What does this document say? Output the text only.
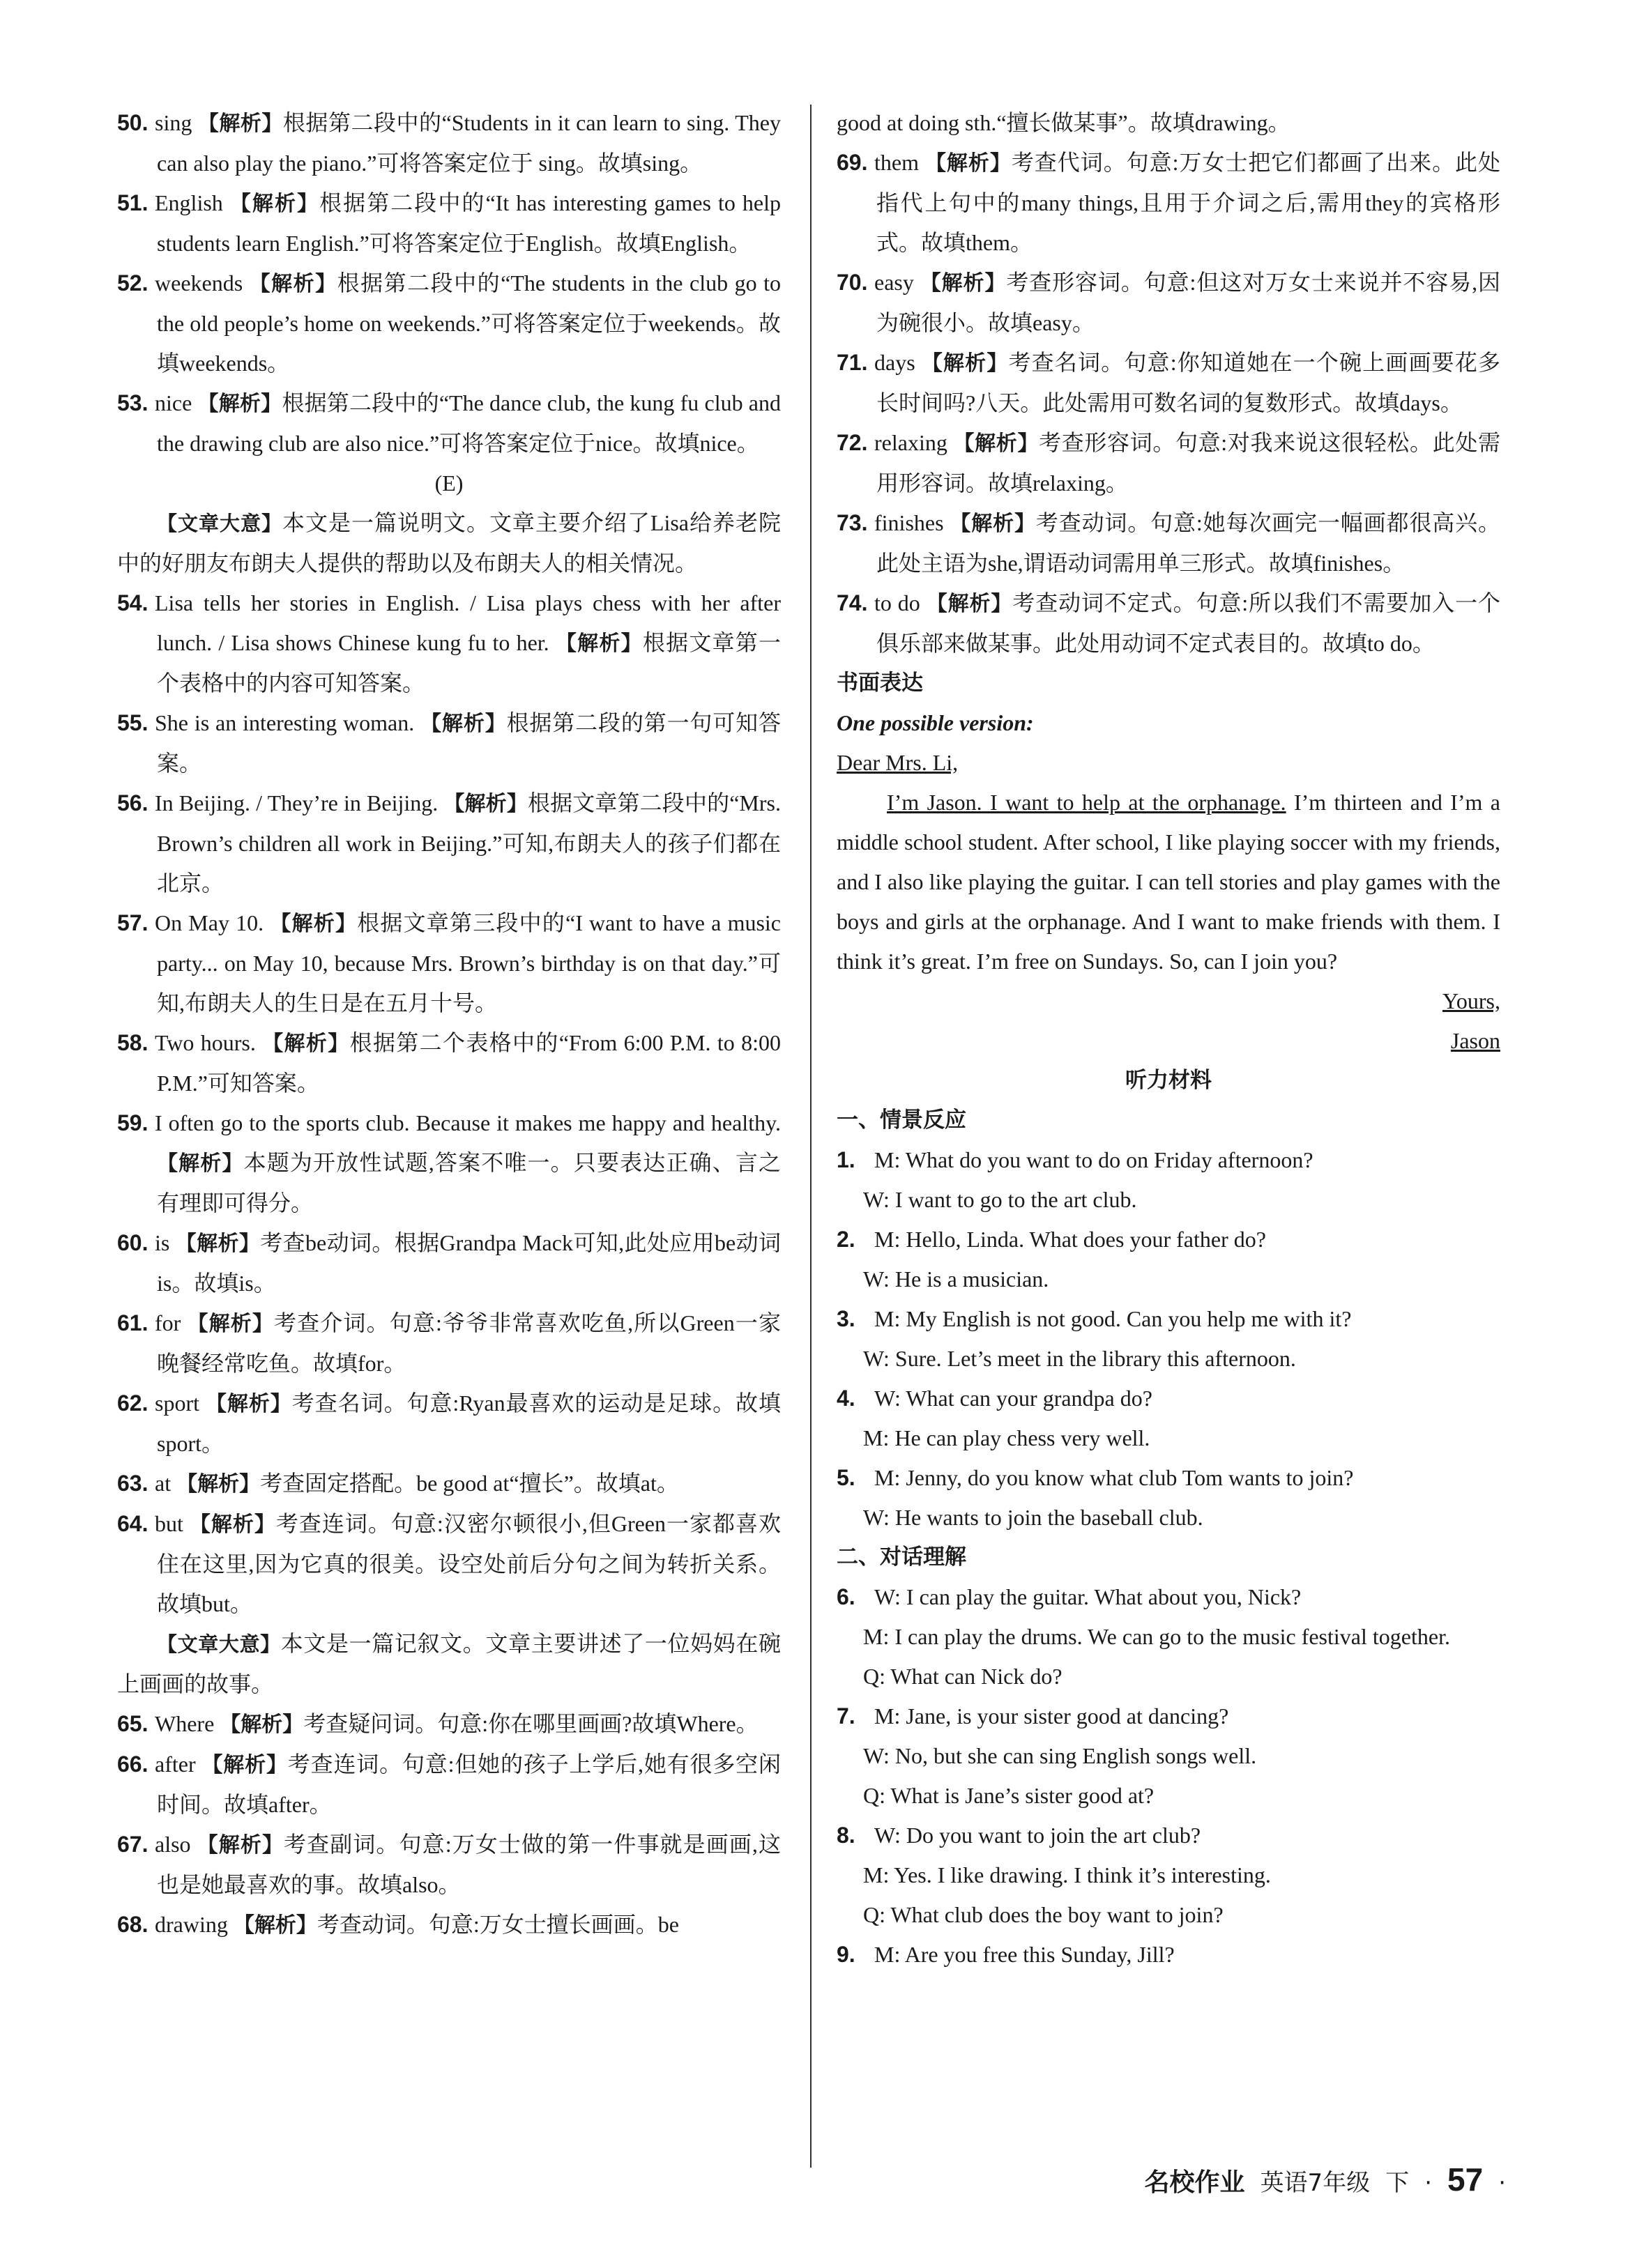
50. sing 【解析】根据第二段中的“Students in it can learn to sing. They can also play the piano.”可将答案定位于 sing。故填sing。
51. English 【解析】根据第二段中的“It has interesting games to help students learn English.”可将答案定位于English。故填English。
52. weekends 【解析】根据第二段中的“The students in the club go to the old people’s home on weekends.”可将答案定位于weekends。故填weekends。
53. nice 【解析】根据第二段中的“The dance club, the kung fu club and the drawing club are also nice.”可将答案定位于nice。故填nice。
(E)
【文章大意】本文是一篇说明文。文章主要介绍了Lisa给养老院中的好朋友布朗夫人提供的帮助以及布朗夫人的相关情况。
54. Lisa tells her stories in English. / Lisa plays chess with her after lunch. / Lisa shows Chinese kung fu to her. 【解析】根据文章第一个表格中的内容可知答案。
55. She is an interesting woman. 【解析】根据第二段的第一句可知答案。
56. In Beijing. / They’re in Beijing. 【解析】根据文章第二段中的“Mrs. Brown’s children all work in Beijing.”可知,布朗夫人的孩子们都在北京。
57. On May 10. 【解析】根据文章第三段中的“I want to have a music party... on May 10, because Mrs. Brown’s birthday is on that day.”可知,布朗夫人的生日是在五月十号。
58. Two hours. 【解析】根据第二个表格中的“From 6:00 P.M. to 8:00 P.M.”可知答案。
59. I often go to the sports club. Because it makes me happy and healthy. 【解析】本题为开放性试题,答案不唯一。只要表达正确、言之有理即可得分。
60. is 【解析】考查be动词。根据Grandpa Mack可知,此处应用be动词is。故填is。
61. for 【解析】考查介词。句意:爷爷非常喜欢吃鱼,所以Green一家晚餐经常吃鱼。故填for。
62. sport 【解析】考查名词。句意:Ryan最喜欢的运动是足球。故填sport。
63. at 【解析】考查固定搭配。be good at“擅长”。故填at。
64. but 【解析】考查连词。句意:汉密尔顿很小,但Green一家都喜欢住在这里,因为它真的很美。设空处前后分句之间为转折关系。故填but。
【文章大意】本文是一篇记叙文。文章主要讲述了一位妈妈在碗上画画的故事。
65. Where 【解析】考查疑问词。句意:你在哪里画画?故填Where。
66. after 【解析】考查连词。句意:但她的孩子上学后,她有很多空闲时间。故填after。
67. also 【解析】考查副词。句意:万女士做的第一件事就是画画,这也是她最喜欢的事。故填also。
68. drawing 【解析】考查动词。句意:万女士擅长画画。be
good at doing sth.“擅长做某事”。故填drawing。
69. them 【解析】考查代词。句意:万女士把它们都画了出来。此处指代上句中的many things,且用于介词之后,需用they的宾格形式。故填them。
70. easy 【解析】考查形容词。句意:但这对万女士来说并不容易,因为碗很小。故填easy。
71. days 【解析】考查名词。句意:你知道她在一个碗上画画要花多长时间吗?八天。此处需用可数名词的复数形式。故填days。
72. relaxing 【解析】考查形容词。句意:对我来说这很轻松。此处需用形容词。故填relaxing。
73. finishes 【解析】考查动词。句意:她每次画完一幅画都很高兴。此处主语为she,谓语动词需用单三形式。故填finishes。
74. to do 【解析】考查动词不定式。句意:所以我们不需要加入一个俱乐部来做某事。此处用动词不定式表目的。故填to do。
书面表达
One possible version:
Dear Mrs. Li,
I’m Jason. I want to help at the orphanage. I’m thirteen and I’m a middle school student. After school, I like playing soccer with my friends, and I also like playing the guitar. I can tell stories and play games with the boys and girls at the orphanage. And I want to make friends with them. I think it’s great. I’m free on Sundays. So, can I join you?
Yours,
Jason
听力材料
一、情景反应
1. M: What do you want to do on Friday afternoon?
W: I want to go to the art club.
2. M: Hello, Linda. What does your father do?
W: He is a musician.
3. M: My English is not good. Can you help me with it?
W: Sure. Let’s meet in the library this afternoon.
4. W: What can your grandpa do?
M: He can play chess very well.
5. M: Jenny, do you know what club Tom wants to join?
W: He wants to join the baseball club.
二、对话理解
6. W: I can play the guitar. What about you, Nick?
M: I can play the drums. We can go to the music festival together.
Q: What can Nick do?
7. M: Jane, is your sister good at dancing?
W: No, but she can sing English songs well.
Q: What is Jane’s sister good at?
8. W: Do you want to join the art club?
M: Yes. I like drawing. I think it’s interesting.
Q: What club does the boy want to join?
9. M: Are you free this Sunday, Jill?
名校作业 英语7年级 下 · 57 ·
